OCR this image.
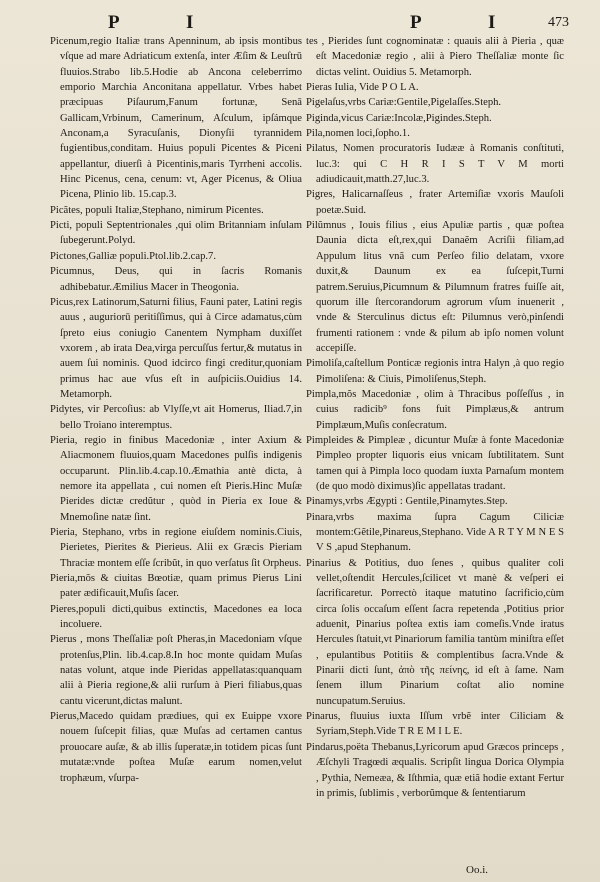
P	I	P	I	473

Picenum,regio Italiæ trans Apenninum, ab ipsis montibus vſque ad mare Adriaticum extenſa, inter Æſim & Leuſtrū fluuios.Strabo lib.5.Hodie ab Ancona celeberrimo emporio Marchia Anconitana appellatur. Vrbes habet præcipuas Piſaurum,Fanum fortunæ, Senā Gallicam,Vrbinum, Camerinum, Aſculum, ipſámque Anconam,a Syracuſanis, Dionyſii tyrannidem fugientibus,conditam. Huius populi Picentes & Piceni appellantur, diuerſi à Picentinis,maris Tyrrheni accolis. Hinc Picenus, cena, cenum: vt, Ager Picenus, & Oliua Picena, Plinio lib. 15.cap.3.

Picãtes, populi Italiæ,Stephano, nimirum Picentes.

Picti, populi Septentrionales ,qui olim Britanniam inſulam ſubegerunt.Polyd.

Pictones,Galliæ populi.Ptol.lib.2.cap.7.

Picumnus, Deus, qui in ſacris Romanis adhibebatur.Æmilius Macer in Theogonia.

Picus,rex Latinorum,Saturni filius, Fauni pater, Latini regis auus , auguriorū peritiſſimus, qui à Circe adamatus,cùm ſpreto eius coniugio Canentem Nympham duxiſſet vxorem , ab irata Dea,virga percuſſus fertur,& mutatus in auem ſui nominis. Quod idcirco fingi creditur,quoniam primus hac aue vſus eſt in auſpiciis.Ouidius 14. Metamorph.

Pidytes, vir Percoſius: ab Vlyſſe,vt ait Homerus, Iliad.7,in bello Troiano interemptus.

Pieria, regio in finibus Macedoniæ , inter Axium & Aliacmonem fluuios,quam Macedones pulſis indigenis occuparunt. Plin.lib.4.cap.10.Æmathia antè dicta, à nemore ita appellata , cui nomen eſt Pieris.Hinc Muſæ Pierides dictæ credũtur , quòd in Pieria ex Ioue & Mnemoſine natæ ſint.

Pieria, Stephano, vrbs in regione eiuſdem nominis.Ciuis, Pierietes, Pierites & Pierieus. Alii ex Græcis Pieriam Thraciæ montem eſſe ſcribũt, in quo verſatus ſit Orpheus.

Pieria,mõs & ciuitas Bœotiæ, quam primus Pierus Lini pater ædificauit,Muſis ſacer.

Pieres,populi dicti,quibus extinctis, Macedones ea loca incoluere.

Pierus , mons Theſſaliæ poſt Pheras,in Macedoniam vſque protenſus,Plin. lib.4.cap.8.In hoc monte quidam Muſas natas volunt, atque inde Pieridas appellatas:quanquam alii à Pieria regione,& alii rurſum à Pieri filiabus,quas cantu vicerunt,dictas malunt.

Pierus,Macedo quidam prædiues, qui ex Euippe vxore nouem ſuſcepit filias, quæ Muſas ad certamen cantus prouocare auſæ, & ab illis ſuperatæ,in totidem picas ſunt mutatæ:vnde poſtea Muſæ earum nomen,velut trophæum, vſurpa-

tes , Pierides ſunt cognominatæ : quauis alii à Pieria , quæ eſt Macedoniæ regio , alii à Piero Theſſaliæ monte ſic dictas velint. Ouidius 5. Metamorph.

Pieras Iulia, Vide P O L A.

Pigelaſus,vrbs Cariæ:Gentile,Pigelaſſes.Steph.

Piginda,vicus Cariæ:Incolæ,Pigindes.Steph.

Pila,nomen loci,ſopho.1.

Pilatus, Nomen procuratoris Iudææ à Romanis conſtituti, luc.3: qui C H R I S T V M morti adiudicauit,matth.27,luc.3.

Pigres, Halicarnaſſeus , frater Artemiſiæ vxoris Mauſoli poetæ.Suid.

Pilũmnus , Iouis filius , eius Apuliæ partis , quæ poſtea Daunia dicta eſt,rex,qui Danaẽm Acriſii filiam,ad Appulum litus vnã cum Perſeo filio delatam, vxore duxit,& Daunum ex ea ſuſcepit,Turni patrem.Seruius,Picumnum & Pilumnum fratres fuiſſe ait, quorum ille ſtercorandorum agrorum vſum inuenerit , vnde & Sterculinus dictus eſt: Pilumnus verò,pinſendi frumenti rationem : vnde & pilum ab ipſo nomen volunt accepiſſe.

Pimoliſa,caſtellum Ponticæ regionis intra Halyn ,à quo regio Pimoliſena: & Ciuis, Pimoliſenus,Steph.

Pimpla,mõs Macedoniæ , olim à Thracibus poſſeſſus , in cuius radicib⁹ fons fuit Pimplæus,& antrum Pimplæum,Muſis conſecratum.

Pimpleides & Pimpleæ , dicuntur Muſæ à fonte Macedoniæ Pimpleo propter liquoris eius vnicam ſubtilitatem. Sunt tamen qui à Pimpla loco quodam iuxta Parnaſum montem (de quo modò diximus)ſic appellatas tradant.

Pinamys,vrbs Ægypti : Gentile,Pinamytes.Step.

Pinara,vrbs maxima ſupra Cagum Ciliciæ montem:Gẽtile,Pinareus,Stephano. Vide A R T Y M N E S V S ,apud Stephanum.

Pinarius & Potitius, duo ſenes , quibus qualiter coli vellet,oſtendit Hercules,ſcilicet vt manè & veſperi ei ſacrificaretur. Porrectò itaque matutino ſacrificio,cùm circa ſolis occaſum eſſent ſacra repetenda ,Potitius prior aduenit, Pinarius poſtea extis iam comeſis.Vnde iratus Hercules ſtatuit,vt Pinariorum familia tantùm miniſtra eſſet , epulantibus Potitiis & complentibus ſacra.Vnde & Pinarii dicti ſunt, ἀπὸ τῆς πείνης, id eſt à ſame. Nam ſenem illum Pinarium coſtat alio nomine nuncupatum.Seruius.

Pinarus, fluuius iuxta Iſſum vrbẽ inter Ciliciam & Syriam,Steph.Vide T R E M I L E.

Pindarus,poëta Thebanus,Lyricorum apud Græcos princeps , Æſchyli Tragœdi æqualis. Scripſit lingua Dorica Olympia , Pythia, Nemeæa, & Iſthmia, quæ etiã hodie extant Fertur in primis, ſublimis , verborũmque & ſententiarum

Oo.i.
